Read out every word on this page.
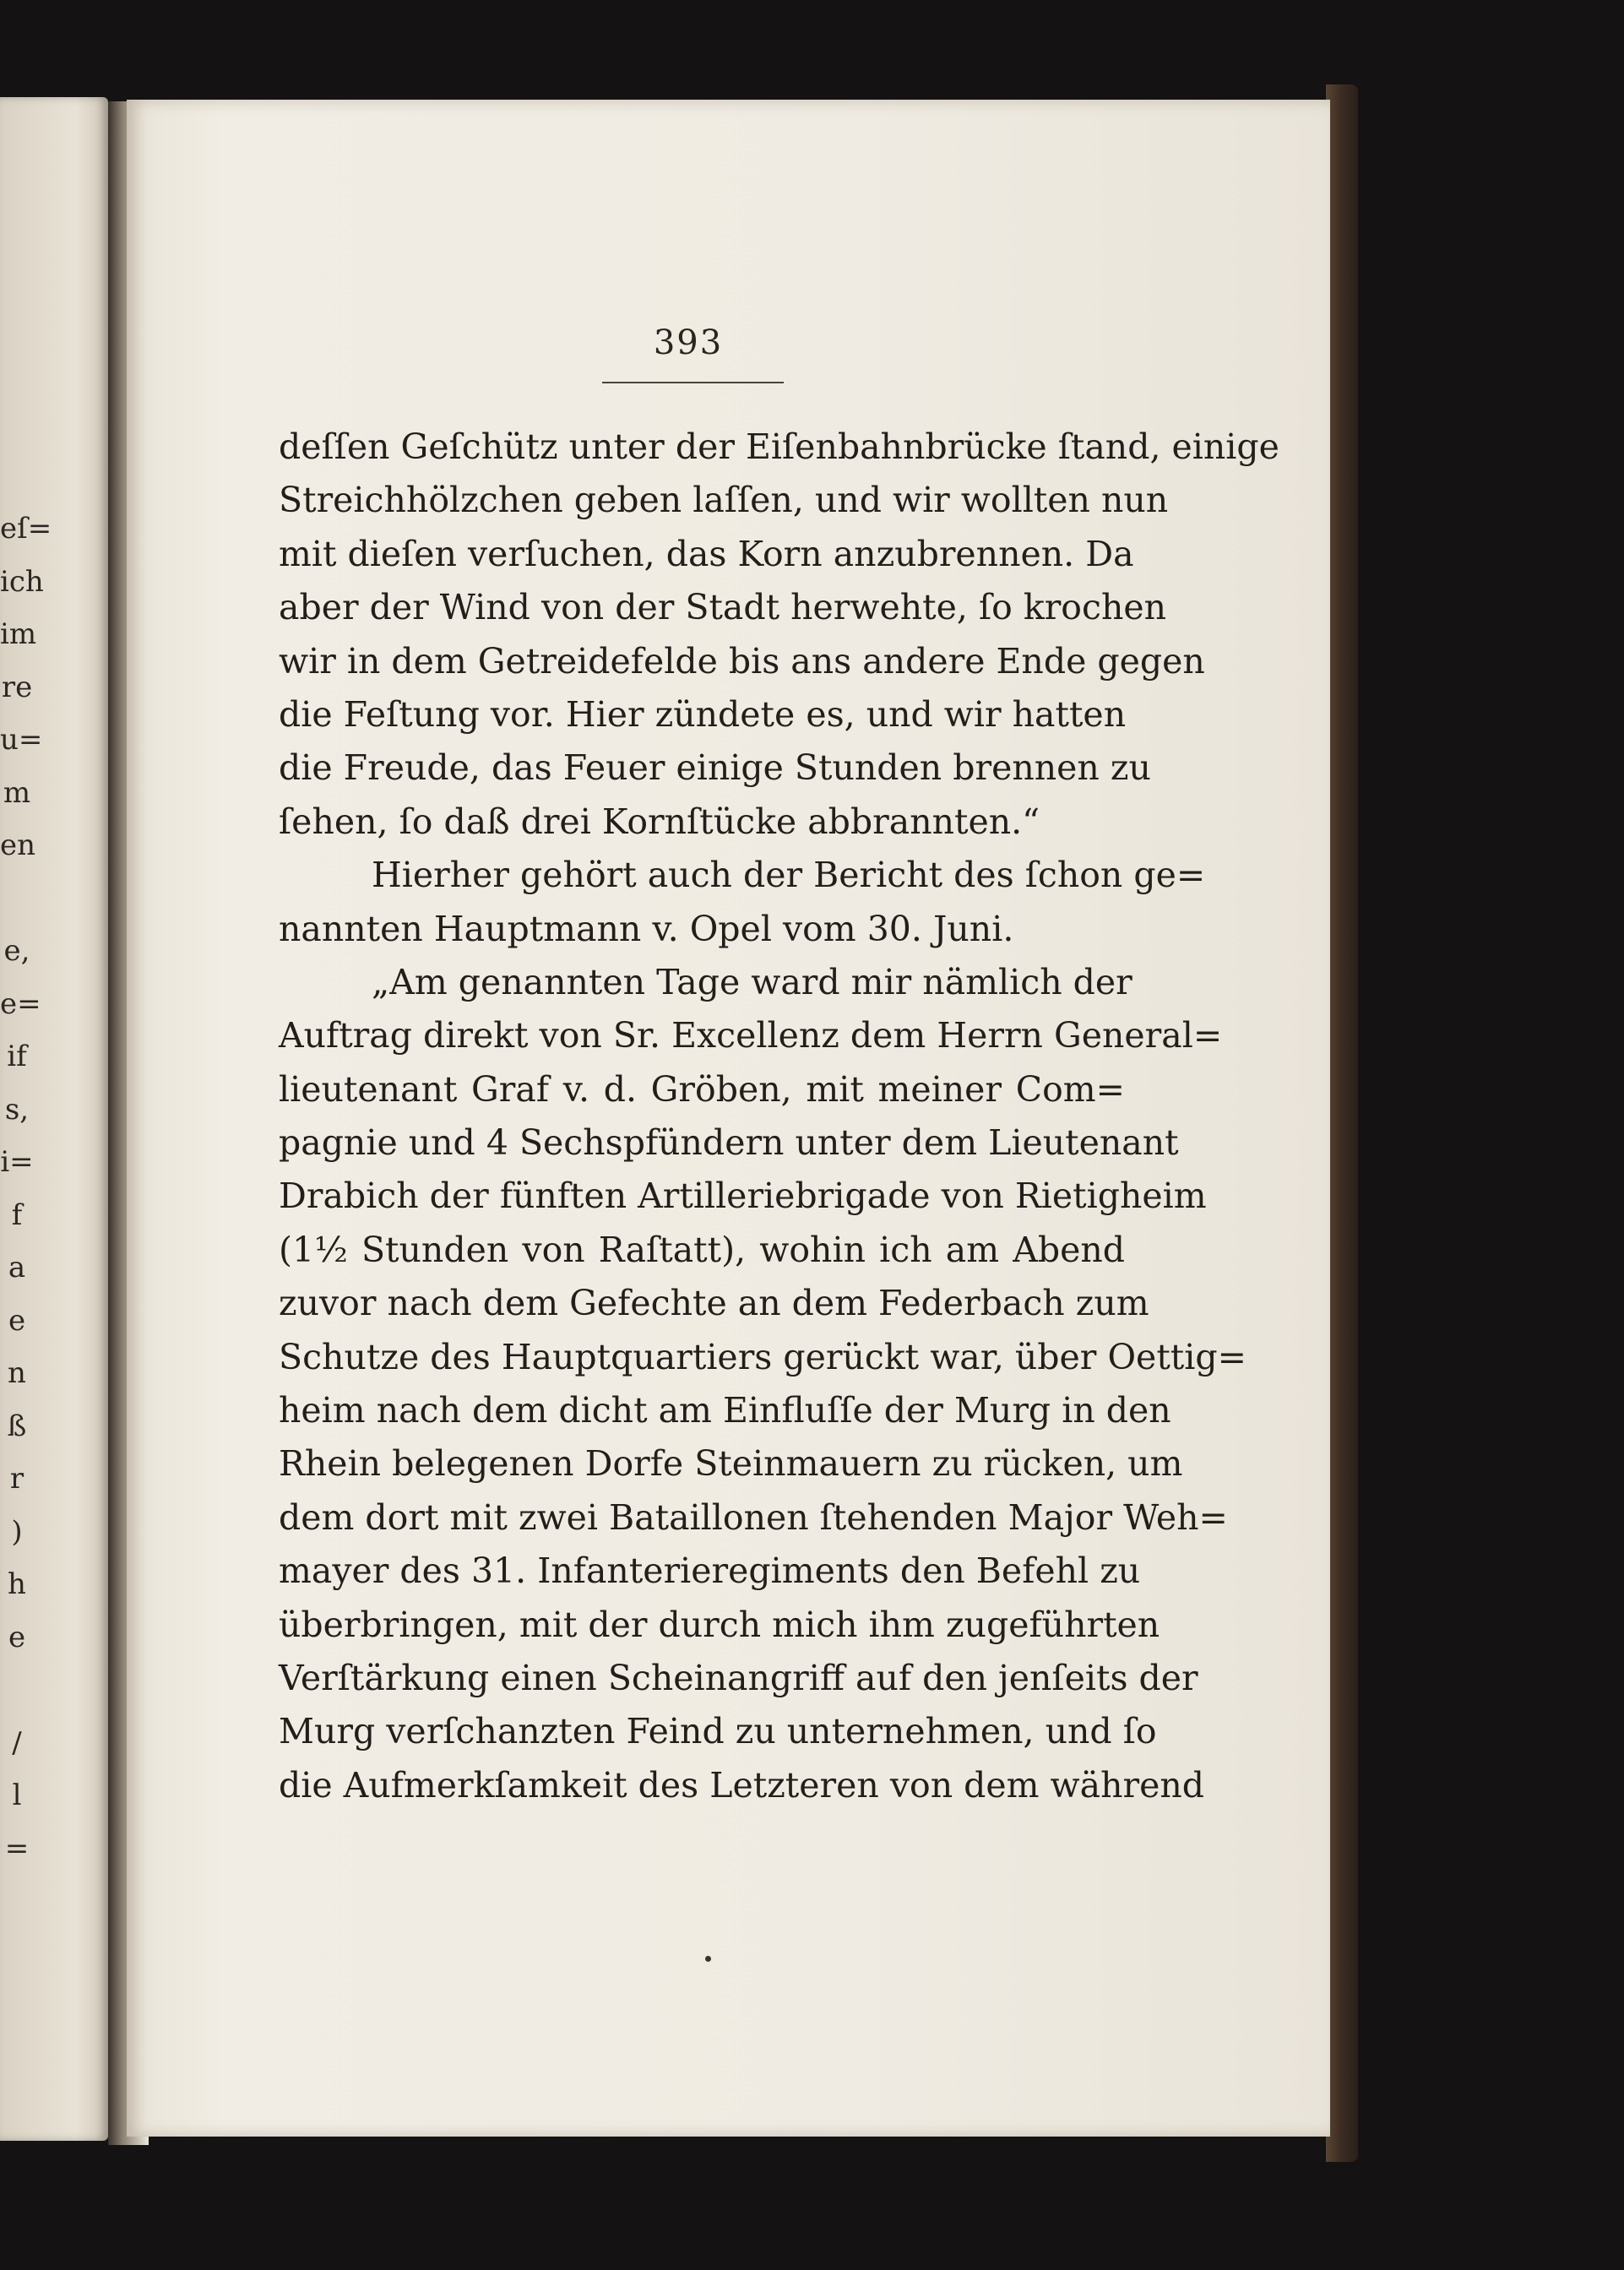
eſ=
ich
im
re
u=
m
en
e,
e=
if
s,
i=
f
a
e
n
ß
r
)
h
e
/
l
=
393
deſſen Geſchütz unter der Eiſenbahnbrücke ſtand, einige
Streichhölzchen geben laſſen, und wir wollten nun
mit dieſen verſuchen, das Korn anzubrennen. Da
aber der Wind von der Stadt herwehte, ſo krochen
wir in dem Getreidefelde bis ans andere Ende gegen
die Feſtung vor. Hier zündete es, und wir hatten
die Freude, das Feuer einige Stunden brennen zu
ſehen, ſo daß drei Kornſtücke abbrannten.“
Hierher gehört auch der Bericht des ſchon ge=
nannten Hauptmann v. Opel vom 30. Juni.
„Am genannten Tage ward mir nämlich der
Auftrag direkt von Sr. Excellenz dem Herrn General=
lieutenant Graf v. d. Gröben, mit meiner Com=
pagnie und 4 Sechspfündern unter dem Lieutenant
Drabich der fünften Artilleriebrigade von Rietigheim
(1½ Stunden von Raſtatt), wohin ich am Abend
zuvor nach dem Gefechte an dem Federbach zum
Schutze des Hauptquartiers gerückt war, über Oettig=
heim nach dem dicht am Einfluſſe der Murg in den
Rhein belegenen Dorfe Steinmauern zu rücken, um
dem dort mit zwei Bataillonen ſtehenden Major Weh=
mayer des 31. Infanterieregiments den Befehl zu
überbringen, mit der durch mich ihm zugeführten
Verſtärkung einen Scheinangriff auf den jenſeits der
Murg verſchanzten Feind zu unternehmen, und ſo
die Aufmerkſamkeit des Letzteren von dem während
